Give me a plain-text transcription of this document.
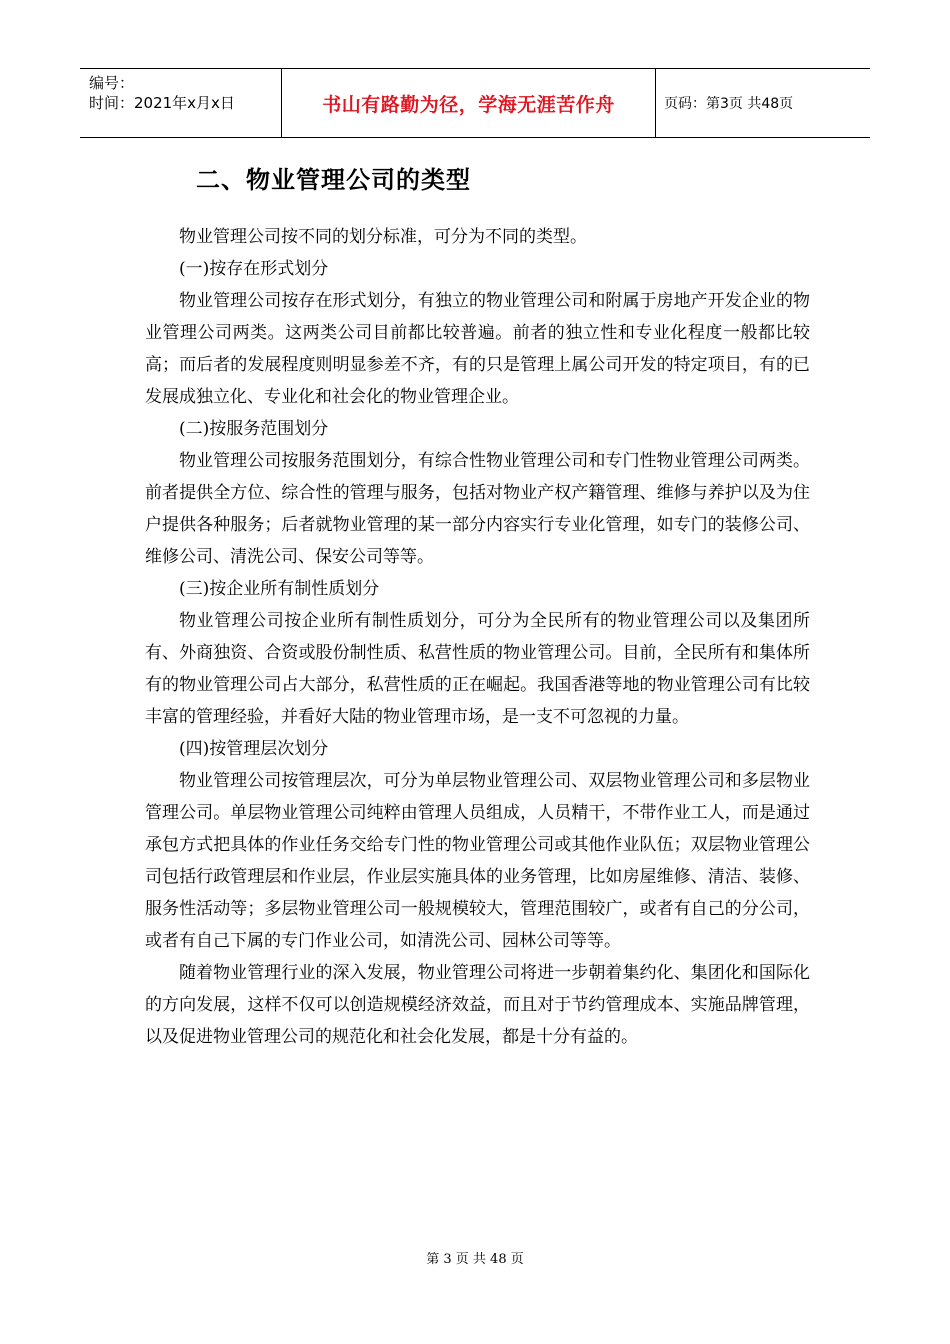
编号：
时间：2021年x月x日	书山有路勤为径，学海无涯苦作舟	页码：第3页 共48页
二、物业管理公司的类型

物业管理公司按不同的划分标准，可分为不同的类型。

(一)按存在形式划分

物业管理公司按存在形式划分，有独立的物业管理公司和附属于房地产开发企业的物业管理公司两类。这两类公司目前都比较普遍。前者的独立性和专业化程度一般都比较高；而后者的发展程度则明显参差不齐，有的只是管理上属公司开发的特定项目，有的已发展成独立化、专业化和社会化的物业管理企业。

(二)按服务范围划分

物业管理公司按服务范围划分，有综合性物业管理公司和专门性物业管理公司两类。前者提供全方位、综合性的管理与服务，包括对物业产权产籍管理、维修与养护以及为住户提供各种服务；后者就物业管理的某一部分内容实行专业化管理，如专门的装修公司、维修公司、清洗公司、保安公司等等。

(三)按企业所有制性质划分

物业管理公司按企业所有制性质划分，可分为全民所有的物业管理公司以及集团所有、外商独资、合资或股份制性质、私营性质的物业管理公司。目前，全民所有和集体所有的物业管理公司占大部分，私营性质的正在崛起。我国香港等地的物业管理公司有比较丰富的管理经验，并看好大陆的物业管理市场，是一支不可忽视的力量。

(四)按管理层次划分

物业管理公司按管理层次，可分为单层物业管理公司、双层物业管理公司和多层物业管理公司。单层物业管理公司纯粹由管理人员组成，人员精干，不带作业工人，而是通过承包方式把具体的作业任务交给专门性的物业管理公司或其他作业队伍；双层物业管理公司包括行政管理层和作业层，作业层实施具体的业务管理，比如房屋维修、清洁、装修、服务性活动等；多层物业管理公司一般规模较大，管理范围较广，或者有自己的分公司，或者有自己下属的专门作业公司，如清洗公司、园林公司等等。

随着物业管理行业的深入发展，物业管理公司将进一步朝着集约化、集团化和国际化的方向发展，这样不仅可以创造规模经济效益，而且对于节约管理成本、实施品牌管理，以及促进物业管理公司的规范化和社会化发展，都是十分有益的。

第 3 页 共 48 页
